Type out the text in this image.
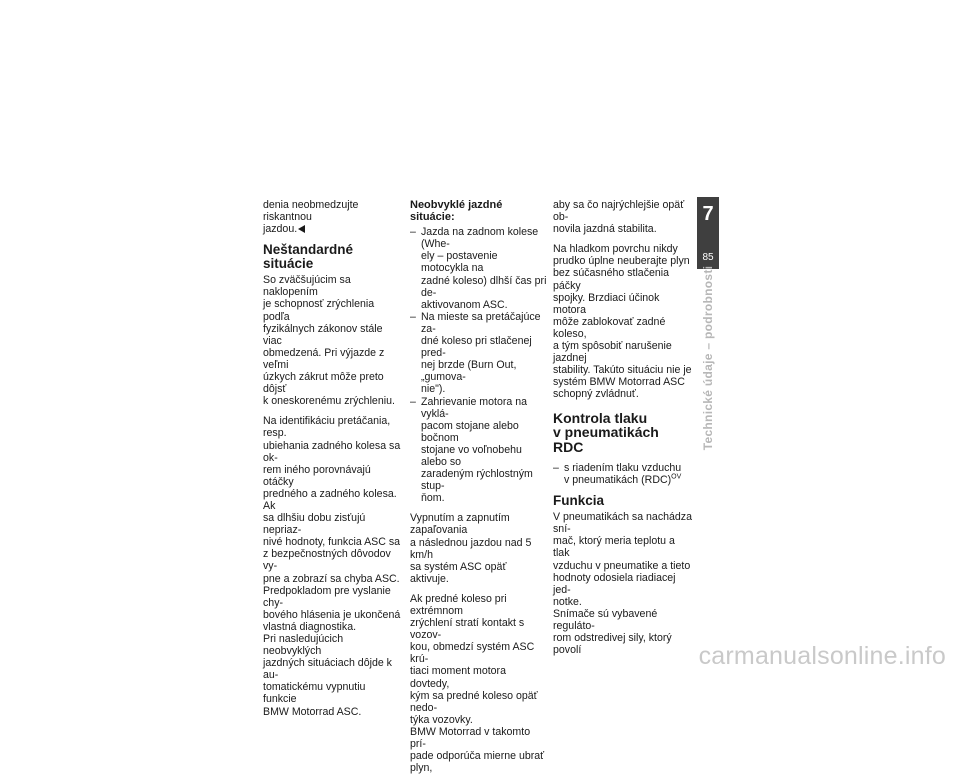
denia neobmedzujte riskantnou
jazdou.

Neštandardné situácie

So zväčšujúcim sa naklopením
je schopnosť zrýchlenia podľa
fyzikálnych zákonov stále viac
obmedzená. Pri výjazde z veľmi
úzkych zákrut môže preto dôjsť
k oneskorenému zrýchleniu.

Na identifikáciu pretáčania, resp.
ubiehania zadného kolesa sa ok-
rem iného porovnávajú otáčky
predného a zadného kolesa. Ak
sa dlhšiu dobu zisťujú nepriaz-
nivé hodnoty, funkcia ASC sa
z bezpečnostných dôvodov vy-
pne a zobrazí sa chyba ASC.
Predpokladom pre vyslanie chy-
bového hlásenia je ukončená
vlastná diagnostika.
Pri nasledujúcich neobvyklých
jazdných situáciach dôjde k au-
tomatickému vypnutiu funkcie
BMW Motorrad ASC.

Neobvyklé jazdné situácie:
– Jazda na zadnom kolese (Whe-
ely – postavenie motocykla na
zadné koleso) dlhší čas pri de-
aktivovanom ASC.
– Na mieste sa pretáčajúce za-
dné koleso pri stlačenej pred-
nej brzde (Burn Out, „gumova-
nie").
– Zahrievanie motora na vyklá-
pacom stojane alebo bočnom
stojane vo voľnobehu alebo so
zaradeným rýchlostným stup-
ňom.

Vypnutím a zapnutím zapaľovania
a následnou jazdou nad 5 km/h
sa systém ASC opäť aktivuje.

Ak predné koleso pri extrémnom
zrýchlení stratí kontakt s vozov-
kou, obmedzí systém ASC krú-
tiaci moment motora dovtedy,
kým sa predné koleso opäť nedo-
týka vozovky.
BMW Motorrad v takomto prí-
pade odporúča mierne ubrať plyn,

aby sa čo najrýchlejšie opäť ob-
novila jazdná stabilita.

Na hladkom povrchu nikdy
prudko úplne neuberajte plyn
bez súčasného stlačenia páčky
spojky. Brzdiaci účinok motora
môže zablokovať zadné koleso,
a tým spôsobiť narušenie jazdnej
stability. Takúto situáciu nie je
systém BMW Motorrad ASC
schopný zvládnuť.

Kontrola tlaku
v pneumatikách RDC
– s riadením tlaku vzduchu
v pneumatikách (RDC)$^{OV}$
Funkcia

V pneumatikách sa nachádza sní-
mač, ktorý meria teplotu a tlak
vzduchu v pneumatike a tieto
hodnoty odosiela riadiacej jed-
notke.
Snímače sú vybavené reguláto-
rom odstredivej sily, ktorý povolí

7
85
Technické údaje – podrobnosti
carmanualsonline.info
